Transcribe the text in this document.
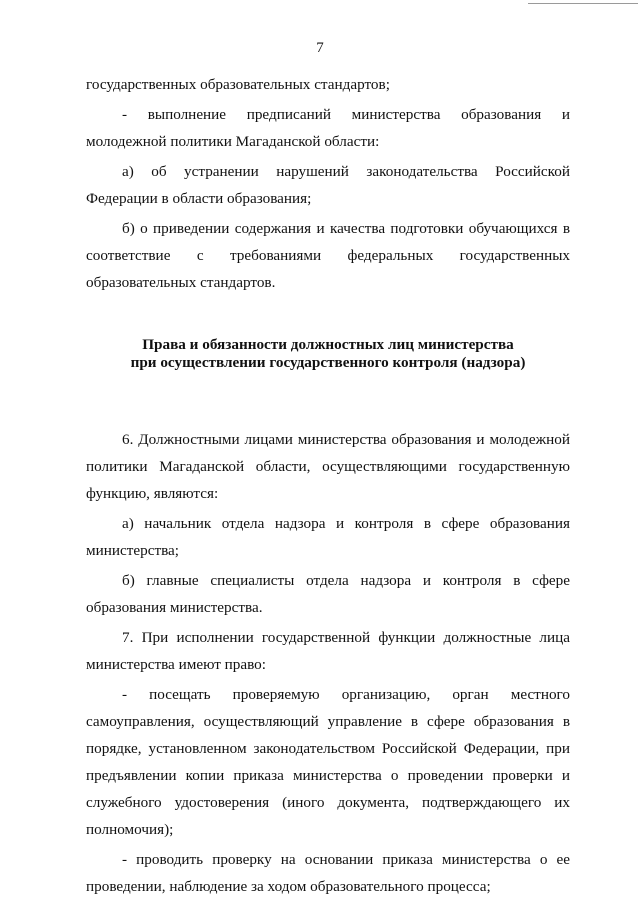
7

государственных образовательных стандартов;

- выполнение предписаний министерства образования и молодежной политики Магаданской области:

а) об устранении нарушений законодательства Российской Федерации в области образования;

б) о приведении содержания и качества подготовки обучающихся в соответствие с требованиями федеральных государственных образовательных стандартов.

Права и обязанности должностных лиц министерства
при осуществлении государственного контроля (надзора)

6. Должностными лицами министерства образования и молодежной политики Магаданской области, осуществляющими государственную функцию, являются:

а) начальник отдела надзора и контроля в сфере образования министерства;

б) главные специалисты отдела надзора и контроля в сфере образования министерства.

7. При исполнении государственной функции должностные лица министерства имеют право:

- посещать проверяемую организацию, орган местного самоуправления, осуществляющий управление в сфере образования в порядке, установленном законодательством Российской Федерации, при предъявлении копии приказа министерства о проведении проверки и служебного удостоверения (иного документа, подтверждающего их полномочия);

- проводить проверку на основании приказа министерства о ее проведении, наблюдение за ходом образовательного процесса;
